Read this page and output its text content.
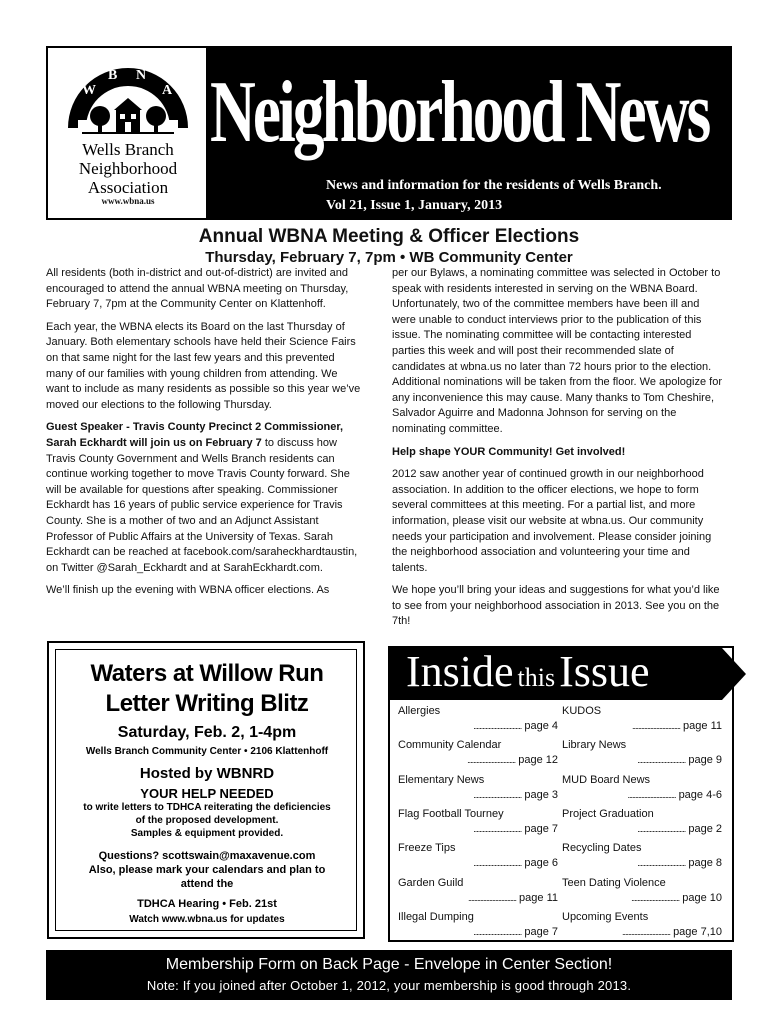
W
B N
A
Wells Branch
Neighborhood
Association
www.wbna.us
Neighborhood News
News and information for the residents of Wells Branch.
Vol 21, Issue 1, January, 2013
Annual WBNA Meeting & Officer Elections
Thursday, February 7, 7pm • WB Community Center

All residents (both in-district and out-of-district) are invited and encouraged to attend the annual WBNA meeting on Thursday, February 7, 7pm at the Community Center on Klattenhoff.

Each year, the WBNA elects its Board on the last Thursday of January. Both elementary schools have held their Science Fairs on that same night for the last few years and this prevented many of our families with young children from attending. We want to include as many residents as possible so this year we’ve moved our elections to the following Thursday.

Guest Speaker - Travis County Precinct 2 Commissioner, Sarah Eckhardt will join us on February 7 to discuss how Travis County Government and Wells Branch residents can continue working together to move Travis County forward. She will be available for questions after speaking. Commissioner Eckhardt has 16 years of public service experience for Travis County. She is a mother of two and an Adjunct Assistant Professor of Public Affairs at the University of Texas. Sarah Eckhardt can be reached at facebook.com/saraheckhardtaustin, on Twitter @Sarah_Eckhardt and at SarahEckhardt.com.

We’ll finish up the evening with WBNA officer elections. As

per our Bylaws, a nominating committee was selected in October to speak with residents interested in serving on the WBNA Board. Unfortunately, two of the committee members have been ill and were unable to conduct interviews prior to the publication of this issue. The nominating committee will be contacting interested parties this week and will post their recommended slate of candidates at wbna.us no later than 72 hours prior to the election. Additional nominations will be taken from the floor. We apologize for any inconvenience this may cause. Many thanks to Tom Cheshire, Salvador Aguirre and Madonna Johnson for serving on the nominating committee.

Help shape YOUR Community! Get involved!

2012 saw another year of continued growth in our neighborhood association. In addition to the officer elections, we hope to form several committees at this meeting. For a partial list, and more information, please visit our website at wbna.us. Our community needs your participation and involvement. Please consider joining the neighborhood association and volunteering your time and talents.

We hope you’ll bring your ideas and suggestions for what you’d like to see from your neighborhood association in 2013. See you on the 7th!

Waters at Willow Run
Letter Writing Blitz
Saturday, Feb. 2, 1-4pm
Wells Branch Community Center • 2106 Klattenhoff
Hosted by WBNRD
YOUR HELP NEEDED
to write letters to TDHCA reiterating the deficiencies
of the proposed development.
Samples & equipment provided.
Questions? scottswain@maxavenue.com
Also, please mark your calendars and plan to
attend the
TDHCA Hearing • Feb. 21st
Watch www.wbna.us for updates
Inside this Issue
Allergies
................................ page 4
Community Calendar
................................ page 12
Elementary News
................................ page 3
Flag Football Tourney
................................ page 7
Freeze Tips
................................ page 6
Garden Guild
................................ page 11
Illegal Dumping
................................ page 7
KUDOS
................................ page 11
Library News
................................ page 9
MUD Board News
................................ page 4-6
Project Graduation
................................ page 2
Recycling Dates
................................ page 8
Teen Dating Violence
................................ page 10
Upcoming Events
................................ page 7,10
Membership Form on Back Page - Envelope in Center Section!
Note: If you joined after October 1, 2012, your membership is good through 2013.
